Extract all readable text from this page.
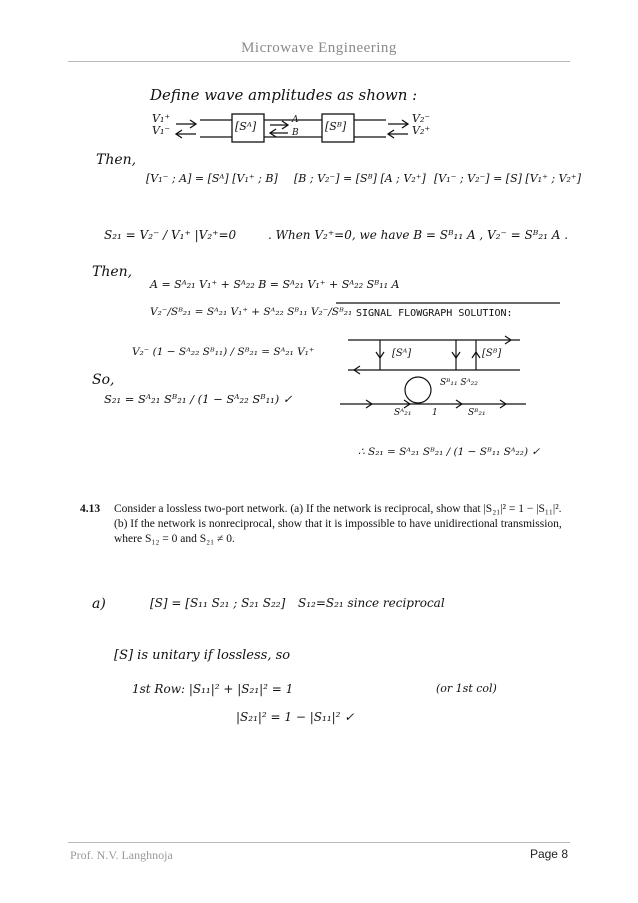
Microwave Engineering
Define wave amplitudes as shown :
V₁⁺
V₁⁻
V₂⁻
V₂⁺
[Sᴬ]	[Sᴮ]
A
B
Then,
[V₁⁻ ; A] = [Sᴬ] [V₁⁺ ; B] [B ; V₂⁻] = [Sᴮ] [A ; V₂⁺] [V₁⁻ ; V₂⁻] = [S] [V₁⁺ ; V₂⁺]
S₂₁ = V₂⁻ / V₁⁺ |V₂⁺=0	. When V₂⁺=0, we have B = Sᴮ₁₁ A , V₂⁻ = Sᴮ₂₁ A .
Then,
A = Sᴬ₂₁ V₁⁺ + Sᴬ₂₂ B = Sᴬ₂₁ V₁⁺ + Sᴬ₂₂ Sᴮ₁₁ A
V₂⁻/Sᴮ₂₁ = Sᴬ₂₁ V₁⁺ + Sᴬ₂₂ Sᴮ₁₁ V₂⁻/Sᴮ₂₁
V₂⁻ (1 − Sᴬ₂₂ Sᴮ₁₁) / Sᴮ₂₁ = Sᴬ₂₁ V₁⁺
So,
S₂₁ = Sᴬ₂₁ Sᴮ₂₁ / (1 − Sᴬ₂₂ Sᴮ₁₁) ✓
SIGNAL FLOWGRAPH SOLUTION:
[Sᴬ]	[Sᴮ]
Sᴮ₁₁ Sᴬ₂₂
Sᴬ₂₁ 1	Sᴮ₂₁
∴ S₂₁ = Sᴬ₂₁ Sᴮ₂₁ / (1 − Sᴮ₁₁ Sᴬ₂₂) ✓
4.13 Consider a lossless two-port network. (a) If the network is reciprocal, show that |S₂₁|² = 1 − |S₁₁|².
(b) If the network is nonreciprocal, show that it is impossible to have unidirectional transmission,
where S₁₂ = 0 and S₂₁ ≠ 0.
a)	[S] = [S₁₁ S₂₁ ; S₂₁ S₂₂] S₁₂=S₂₁ since reciprocal
[S] is unitary if lossless, so
1st Row: |S₁₁|² + |S₂₁|² = 1	(or 1st col)
|S₂₁|² = 1 − |S₁₁|² ✓
Prof. N.V. Langhnoja	Page 8
